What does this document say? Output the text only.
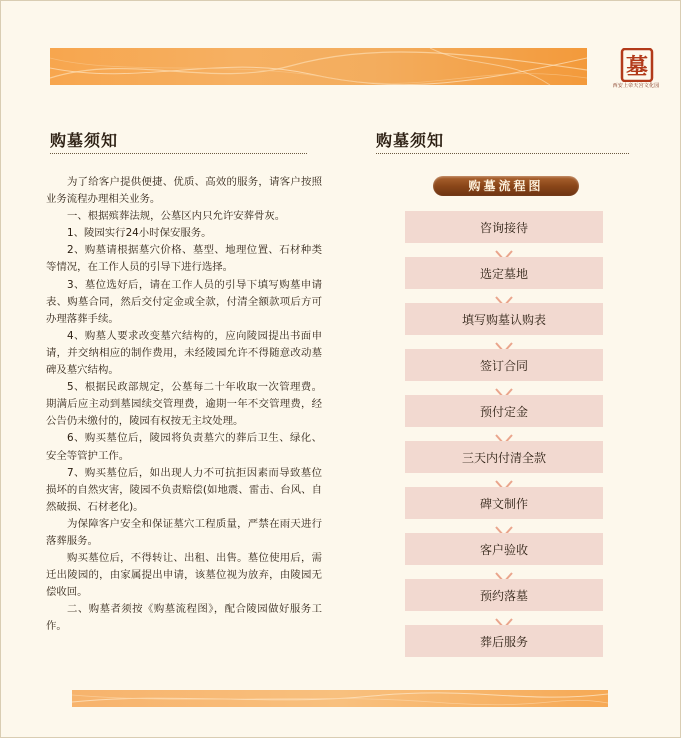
墓
西安上帝天宫文化园
购墓须知	购墓须知

为了给客户提供便捷、优质、高效的服务，请客户按照业务流程办理相关业务。

一、根据殡葬法规，公墓区内只允许安葬骨灰。

1、陵园实行24小时保安服务。

2、购墓请根据墓穴价格、墓型、地理位置、石材种类等情况，在工作人员的引导下进行选择。

3、墓位选好后，请在工作人员的引导下填写购墓申请表、购墓合同，然后交付定金或全款，付清全额款项后方可办理落葬手续。

4、购墓人要求改变墓穴结构的，应向陵园提出书面申请，并交纳相应的制作费用，未经陵园允许不得随意改动墓碑及墓穴结构。

5、根据民政部规定，公墓每二十年收取一次管理费。期满后应主动到墓园续交管理费，逾期一年不交管理费，经公告仍未缴付的，陵园有权按无主坟处理。

6、购买墓位后，陵园将负责墓穴的葬后卫生、绿化、安全等管护工作。

7、购买墓位后，如出现人力不可抗拒因素而导致墓位损坏的自然灾害，陵园不负责赔偿(如地震、雷击、台风、自然破损、石材老化)。

为保障客户安全和保证墓穴工程质量，严禁在雨天进行落葬服务。

购买墓位后，不得转让、出租、出售。墓位使用后，需迁出陵园的，由家属提出申请，该墓位视为放弃，由陵园无偿收回。

二、购墓者须按《购墓流程图》，配合陵园做好服务工作。

购墓流程图
咨询接待
选定墓地
填写购墓认购表
签订合同
预付定金
三天内付清全款
碑文制作
客户验收
预约落墓
葬后服务
